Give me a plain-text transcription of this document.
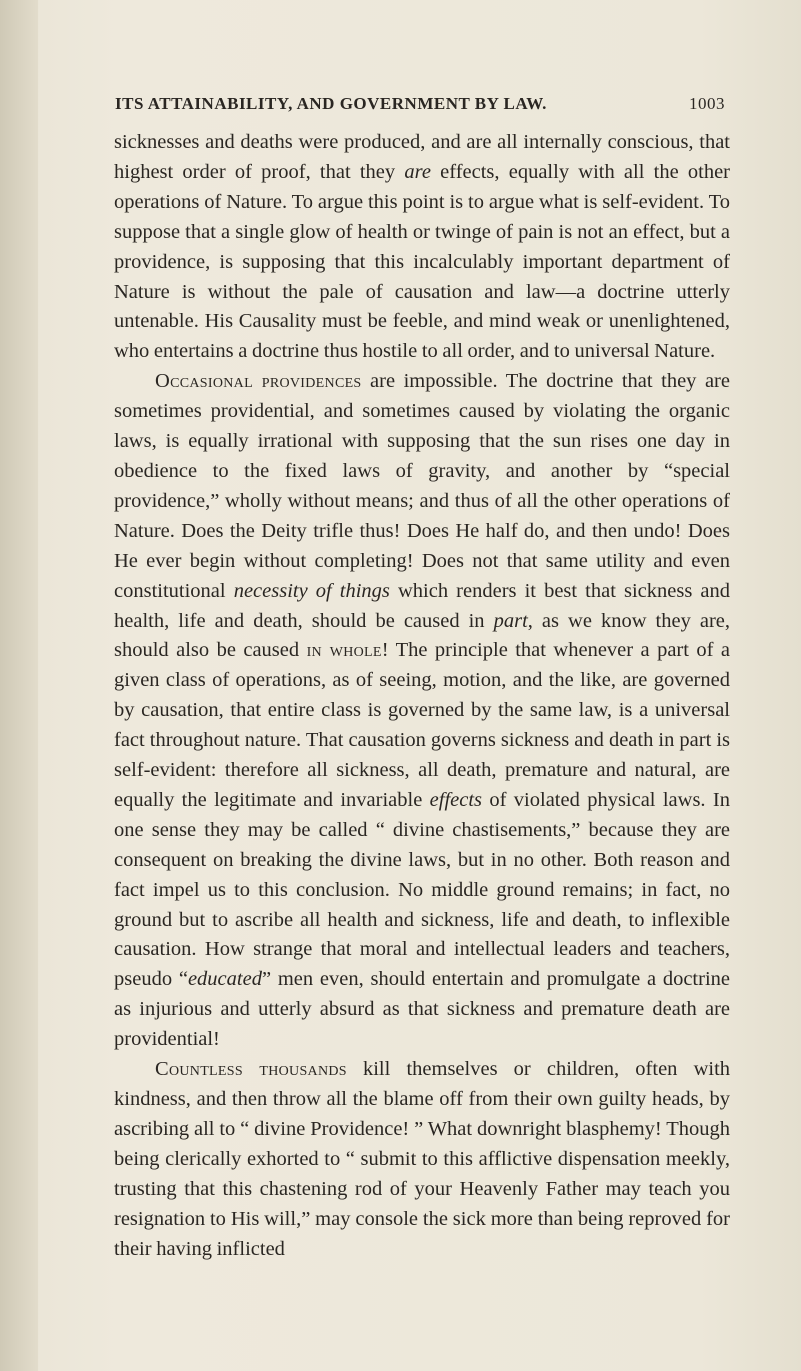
ITS ATTAINABILITY, AND GOVERNMENT BY LAW.	1003

sicknesses and deaths were produced, and are all internally conscious, that highest order of proof, that they are effects, equally with all the other operations of Nature. To argue this point is to argue what is self-evident. To suppose that a single glow of health or twinge of pain is not an effect, but a providence, is supposing that this incalculably important department of Nature is without the pale of causation and law—a doctrine utterly untenable. His Causality must be feeble, and mind weak or unenlightened, who entertains a doctrine thus hostile to all order, and to universal Nature.

Occasional providences are impossible. The doctrine that they are sometimes providential, and sometimes caused by violating the organic laws, is equally irrational with supposing that the sun rises one day in obedience to the fixed laws of gravity, and another by “special providence,” wholly without means; and thus of all the other operations of Nature. Does the Deity trifle thus! Does He half do, and then undo! Does He ever begin without completing! Does not that same utility and even constitutional necessity of things which renders it best that sickness and health, life and death, should be caused in part, as we know they are, should also be caused in whole! The principle that whenever a part of a given class of operations, as of seeing, motion, and the like, are governed by causation, that entire class is governed by the same law, is a universal fact throughout nature. That causation governs sickness and death in part is self-evident: therefore all sickness, all death, premature and natural, are equally the legitimate and invariable effects of violated physical laws. In one sense they may be called “ divine chastisements,” because they are consequent on breaking the divine laws, but in no other. Both reason and fact impel us to this conclusion. No middle ground remains; in fact, no ground but to ascribe all health and sickness, life and death, to inflexible causation. How strange that moral and intellectual leaders and teachers, pseudo “educated” men even, should entertain and promulgate a doctrine as injurious and utterly absurd as that sickness and premature death are providential!

Countless thousands kill themselves or children, often with kindness, and then throw all the blame off from their own guilty heads, by ascribing all to “ divine Providence! ” What downright blasphemy! Though being clerically exhorted to “ submit to this afflictive dispensation meekly, trusting that this chastening rod of your Heavenly Father may teach you resignation to His will,” may console the sick more than being reproved for their having inflicted
